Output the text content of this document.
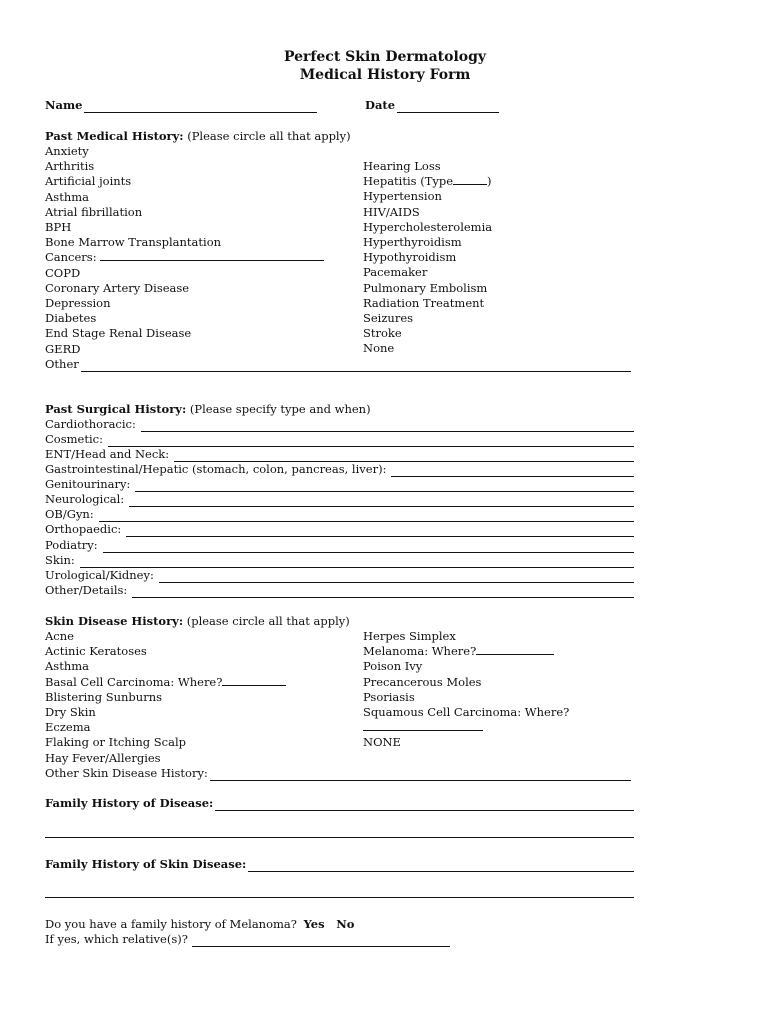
Perfect Skin Dermatology
Medical History Form
Name	Date
Past Medical History: (Please circle all that apply)
Anxiety
Arthritis
Artificial joints
Asthma
Atrial fibrillation
BPH
Bone Marrow Transplantation
Cancers:
COPD
Coronary Artery Disease
Depression
Diabetes
End Stage Renal Disease
GERD
Hearing Loss
Hepatitis (Type	)
Hypertension
HIV/AIDS
Hypercholesterolemia
Hyperthyroidism
Hypothyroidism
Pacemaker
Pulmonary Embolism
Radiation Treatment
Seizures
Stroke
None
Other
Past Surgical History: (Please specify type and when)
Cardiothoracic:
Cosmetic:
ENT/Head and Neck:
Gastrointestinal/Hepatic (stomach, colon, pancreas, liver):
Genitourinary:
Neurological:
OB/Gyn:
Orthopaedic:
Podiatry:
Skin:
Urological/Kidney:
Other/Details:
Skin Disease History: (please circle all that apply)
Acne
Actinic Keratoses
Asthma
Basal Cell Carcinoma: Where?
Blistering Sunburns
Dry Skin
Eczema
Flaking or Itching Scalp
Hay Fever/Allergies
Herpes Simplex
Melanoma: Where?
Poison Ivy
Precancerous Moles
Psoriasis
Squamous Cell Carcinoma: Where?
NONE
Other Skin Disease History:
Family History of Disease:
Family History of Skin Disease:
Do you have a family history of Melanoma? Yes No
If yes, which relative(s)?
